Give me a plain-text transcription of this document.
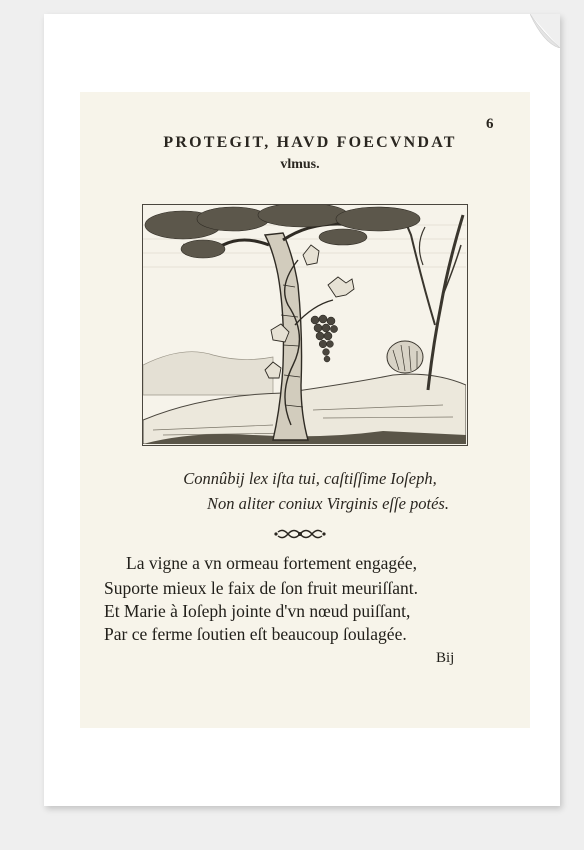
6
PROTEGIT, HAVD FOECVNDAT
vlmus.
Connûbij lex iſta tui, caſtiſſime Ioſeph,
Non aliter coniux Virginis eſſe potés.
La vigne a vn ormeau fortement engagée,
Suporte mieux le faix de ſon fruit meuriſſant.
Et Marie à Ioſeph jointe d'vn nœud puiſſant,
Par ce ferme ſoutien eſt beaucoup ſoulagée.
Bij
